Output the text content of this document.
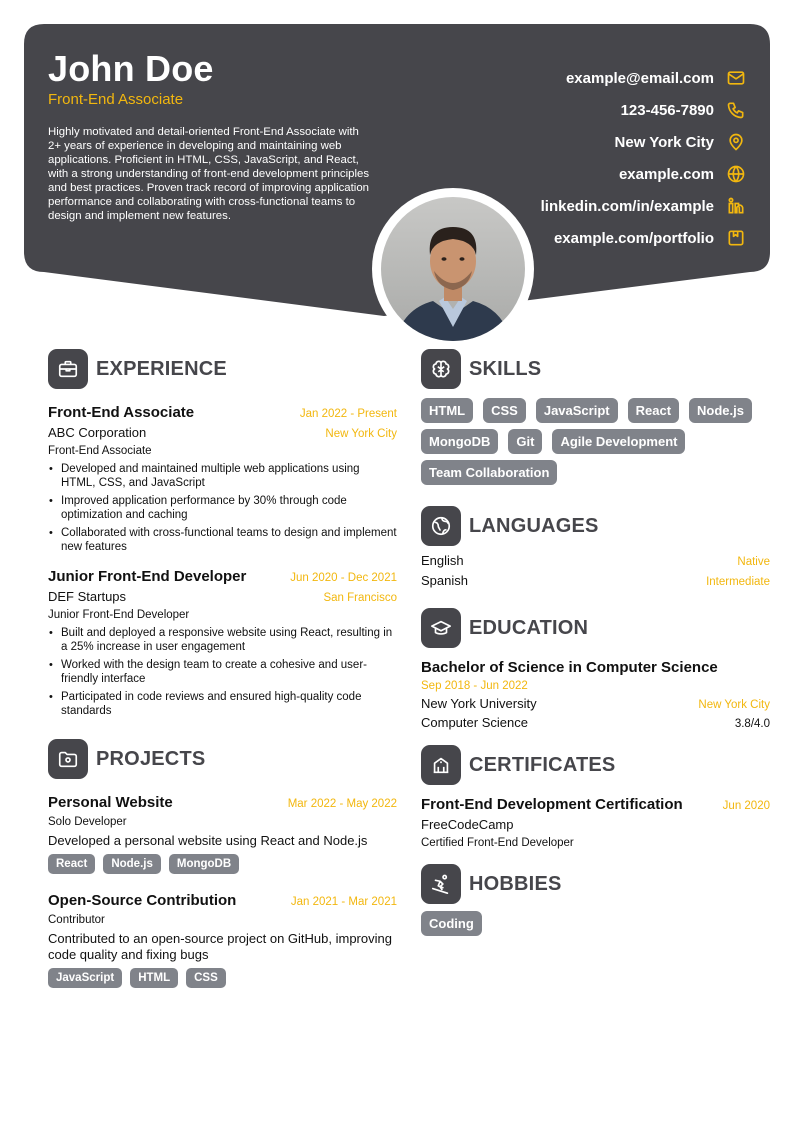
John Doe
Front-End Associate
Highly motivated and detail-oriented Front-End Associate with 2+ years of experience in developing and maintaining web applications. Proficient in HTML, CSS, JavaScript, and React, with a strong understanding of front-end development principles and best practices. Proven track record of improving application performance and collaborating with cross-functional teams to design and implement new features.
example@email.com
123-456-7890
New York City
example.com
linkedin.com/in/example
example.com/portfolio
EXPERIENCE
Front-End Associate	Jan 2022 - Present
ABC Corporation	New York City
Front-End Associate
• Developed and maintained multiple web applications using HTML, CSS, and JavaScript
• Improved application performance by 30% through code optimization and caching
• Collaborated with cross-functional teams to design and implement new features
Junior Front-End Developer	Jun 2020 - Dec 2021
DEF Startups	San Francisco
Junior Front-End Developer
• Built and deployed a responsive website using React, resulting in a 25% increase in user engagement
• Worked with the design team to create a cohesive and user-friendly interface
• Participated in code reviews and ensured high-quality code standards
PROJECTS
Personal Website	Mar 2022 - May 2022
Solo Developer
Developed a personal website using React and Node.js
React	Node.js	MongoDB
Open-Source Contribution	Jan 2021 - Mar 2021
Contributor
Contributed to an open-source project on GitHub, improving code quality and fixing bugs
JavaScript	HTML	CSS
SKILLS
HTML	CSS	JavaScript	React	Node.js
MongoDB	Git	Agile Development
Team Collaboration
LANGUAGES
English	Native
Spanish	Intermediate
EDUCATION
Bachelor of Science in Computer Science
Sep 2018 - Jun 2022
New York University	New York City
Computer Science	3.8/4.0
CERTIFICATES
Front-End Development Certification	Jun 2020
FreeCodeCamp
Certified Front-End Developer
HOBBIES
Coding
